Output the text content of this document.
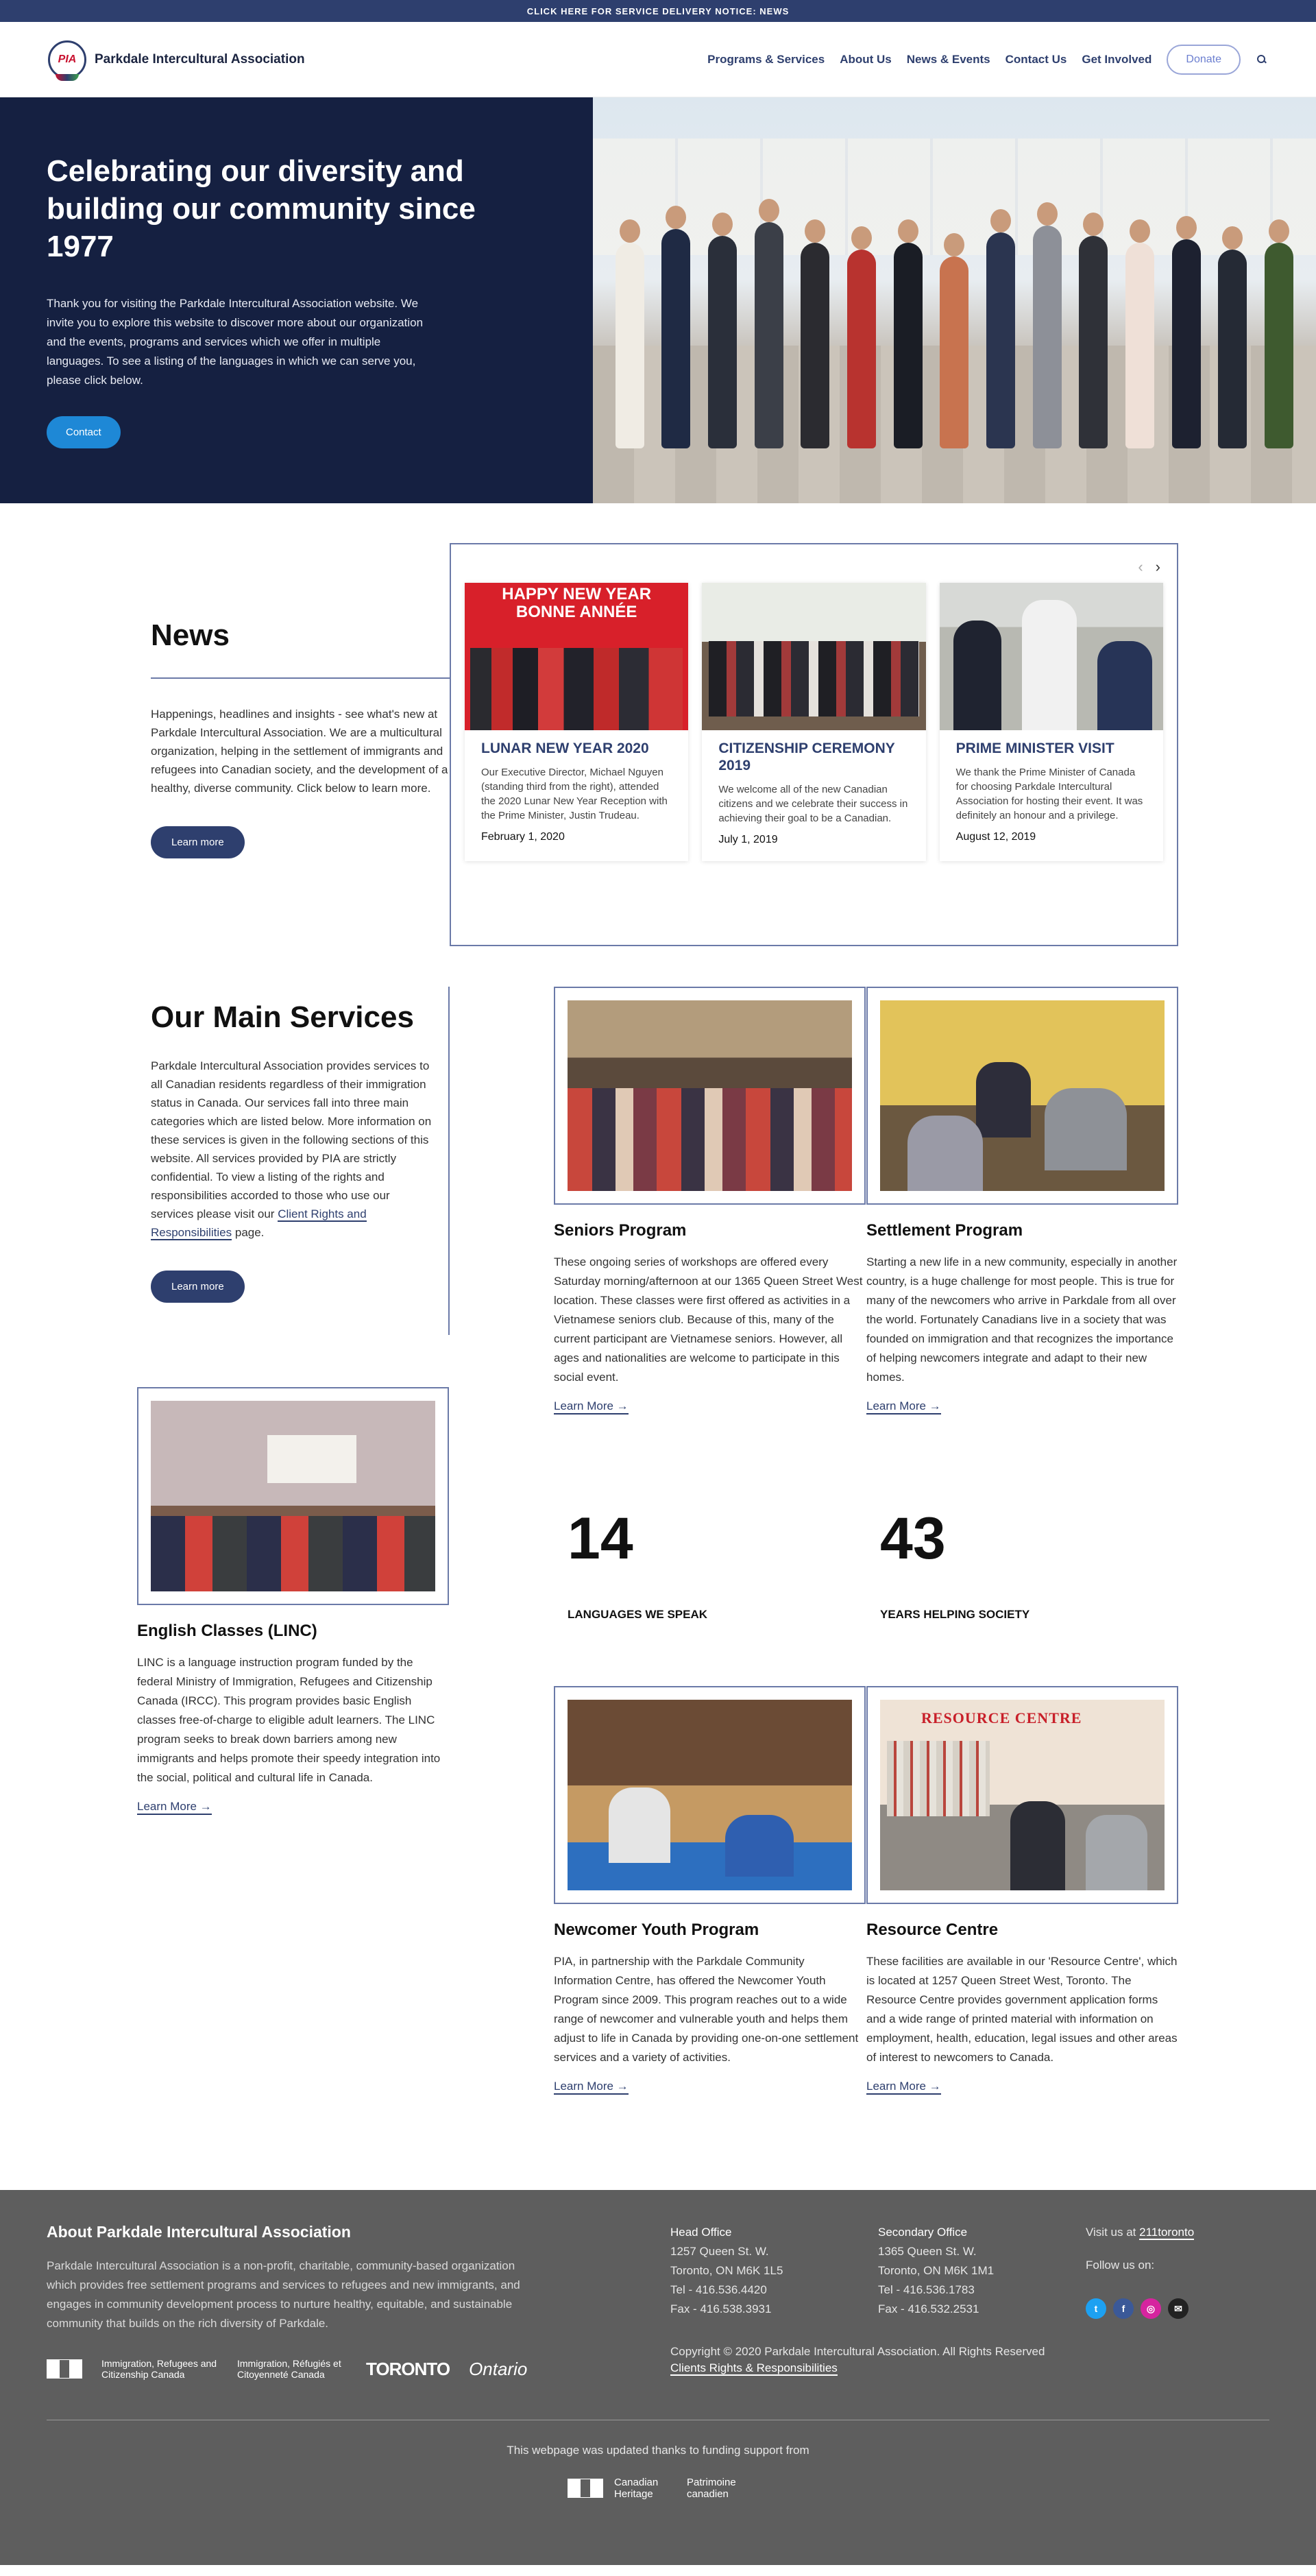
CLICK HERE FOR SERVICE DELIVERY NOTICE: NEWS
PIA Parkdale Intercultural Association	Programs & Services About Us News & Events Contact Us Get Involved	Donate
Celebrating our diversity and building our community since 1977

Thank you for visiting the Parkdale Intercultural Association website. We invite you to explore this website to discover more about our organization and the events, programs and services which we offer in multiple languages. To see a listing of the languages in which we can serve you, please click below.

Contact
News

Happenings, headlines and insights - see what's new at Parkdale Intercultural Association. We are a multicultural organization, helping in the settlement of immigrants and refugees into Canadian society, and the development of a healthy, diverse community. Click below to learn more.

Learn more
‹ ›
HAPPY NEW YEAR
BONNE ANNÉE
LUNAR NEW YEAR 2020
Our Executive Director, Michael Nguyen (standing third from the right), attended the 2020 Lunar New Year Reception with the Prime Minister, Justin Trudeau.
February 1, 2020
CITIZENSHIP CEREMONY 2019
We welcome all of the new Canadian citizens and we celebrate their success in achieving their goal to be a Canadian.
July 1, 2019
PRIME MINISTER VISIT
We thank the Prime Minister of Canada for choosing Parkdale Intercultural Association for hosting their event. It was definitely an honour and a privilege.
August 12, 2019
Our Main Services

Parkdale Intercultural Association provides services to all Canadian residents regardless of their immigration status in Canada. Our services fall into three main categories which are listed below. More information on these services is given in the following sections of this website. All services provided by PIA are strictly confidential. To view a listing of the rights and responsibilities accorded to those who use our services please visit our Client Rights and Responsibilities page.

Learn more
Seniors Program
These ongoing series of workshops are offered every Saturday morning/afternoon at our 1365 Queen Street West location. These classes were first offered as activities in a Vietnamese seniors club. Because of this, many of the current participant are Vietnamese seniors. However, all ages and nationalities are welcome to participate in this social event.
Learn More →
Settlement Program
Starting a new life in a new community, especially in another country, is a huge challenge for most people. This is true for many of the newcomers who arrive in Parkdale from all over the world. Fortunately Canadians live in a society that was founded on immigration and that recognizes the importance of helping newcomers integrate and adapt to their new homes.
Learn More →
English Classes (LINC)
LINC is a language instruction program funded by the federal Ministry of Immigration, Refugees and Citizenship Canada (IRCC). This program provides basic English classes free-of-charge to eligible adult learners. The LINC program seeks to break down barriers among new immigrants and helps promote their speedy integration into the social, political and cultural life in Canada.
Learn More →
14
LANGUAGES WE SPEAK
43
YEARS HELPING SOCIETY
Newcomer Youth Program
PIA, in partnership with the Parkdale Community Information Centre, has offered the Newcomer Youth Program since 2009. This program reaches out to a wide range of newcomer and vulnerable youth and helps them adjust to life in Canada by providing one-on-one settlement services and a variety of activities.
Learn More →
RESOURCE CENTRE
Resource Centre
These facilities are available in our 'Resource Centre', which is located at 1257 Queen Street West, Toronto. The Resource Centre provides government application forms and a wide range of printed material with information on employment, health, education, legal issues and other areas of interest to newcomers to Canada.
Learn More →
About Parkdale Intercultural Association

Parkdale Intercultural Association is a non-profit, charitable, community-based organization which provides free settlement programs and services to refugees and new immigrants, and engages in community development process to nurture healthy, equitable, and sustainable community that builds on the rich diversity of Parkdale.

Immigration, Refugees and Citizenship Canada
Immigration, Réfugiés et Citoyenneté Canada	TORONTO Ontario
Head Office
1257 Queen St. W.
Toronto, ON M6K 1L5
Tel - 416.536.4420
Fax - 416.538.3931
Secondary Office
1365 Queen St. W.
Toronto, ON M6K 1M1
Tel - 416.536.1783
Fax - 416.532.2531
Visit us at 211toronto
Follow us on:
t	f	◎	✉
Copyright © 2020 Parkdale Intercultural Association. All Rights Reserved
Clients Rights & Responsibilities
This webpage was updated thanks to funding support from
Canadian Heritage
Patrimoine canadien
